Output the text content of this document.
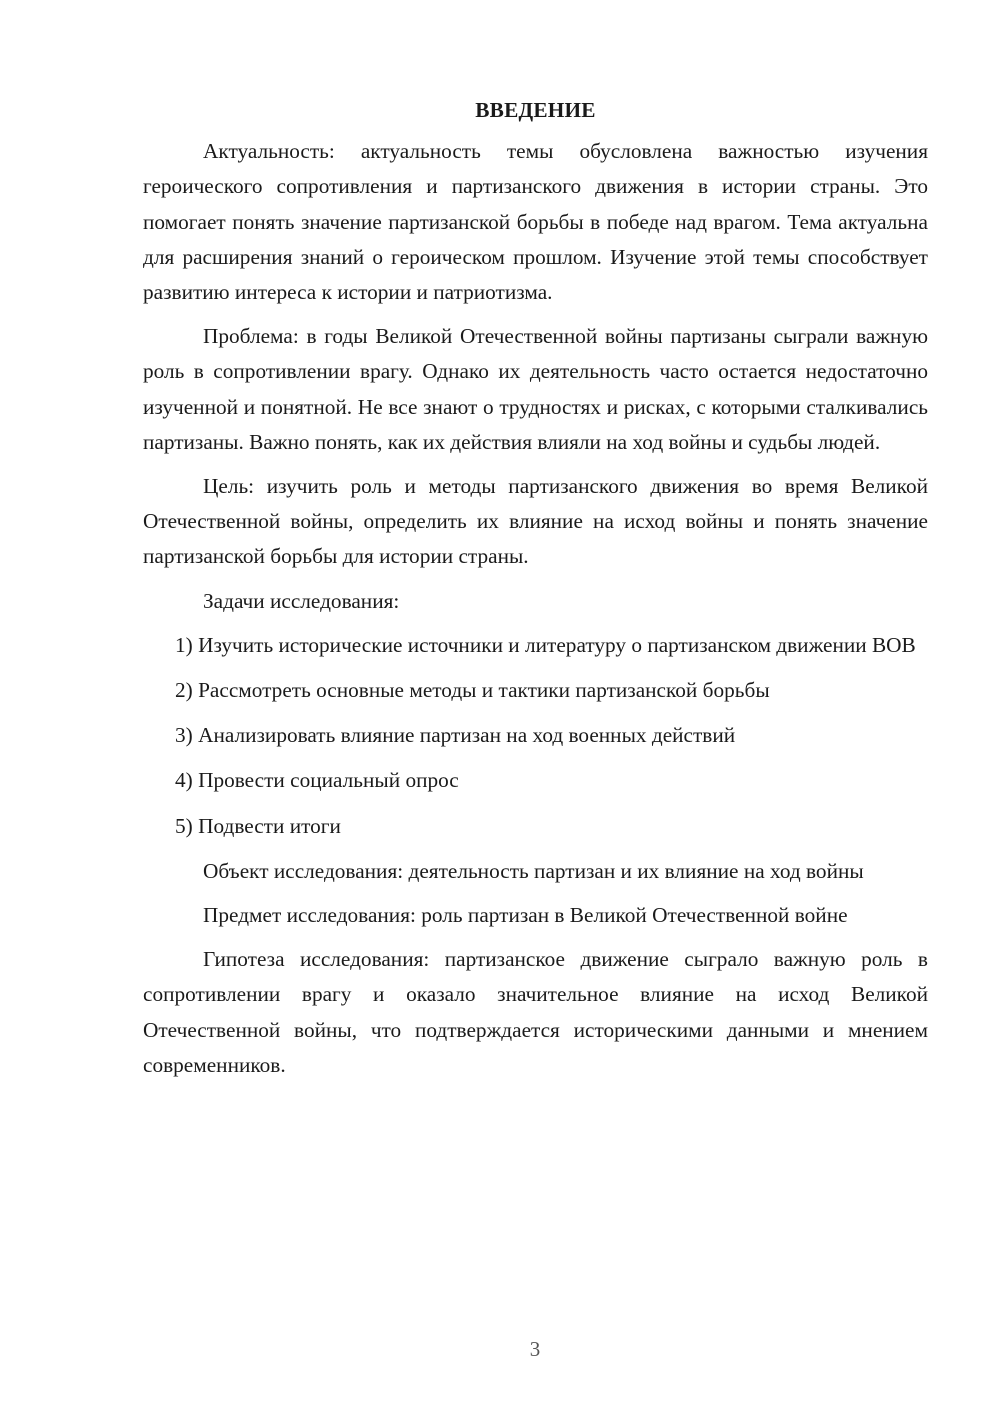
ВВЕДЕНИЕ

Актуальность: актуальность темы обусловлена важностью изучения героического сопротивления и партизанского движения в истории страны. Это помогает понять значение партизанской борьбы в победе над врагом. Тема актуальна для расширения знаний о героическом прошлом. Изучение этой темы способствует развитию интереса к истории и патриотизма.

Проблема: в годы Великой Отечественной войны партизаны сыграли важную роль в сопротивлении врагу. Однако их деятельность часто остается недостаточно изученной и понятной. Не все знают о трудностях и рисках, с которыми сталкивались партизаны. Важно понять, как их действия влияли на ход войны и судьбы людей.

Цель: изучить роль и методы партизанского движения во время Великой Отечественной войны, определить их влияние на исход войны и понять значение партизанской борьбы для истории страны.

Задачи исследования:

1) Изучить исторические источники и литературу о партизанском движении ВОВ

2) Рассмотреть основные методы и тактики партизанской борьбы

3) Анализировать влияние партизан на ход военных действий

4) Провести социальный опрос

5) Подвести итоги

Объект исследования: деятельность партизан и их влияние на ход войны

Предмет исследования: роль партизан в Великой Отечественной войне

Гипотеза исследования: партизанское движение сыграло важную роль в сопротивлении врагу и оказало значительное влияние на исход Великой Отечественной войны, что подтверждается историческими данными и мнением современников.

3
